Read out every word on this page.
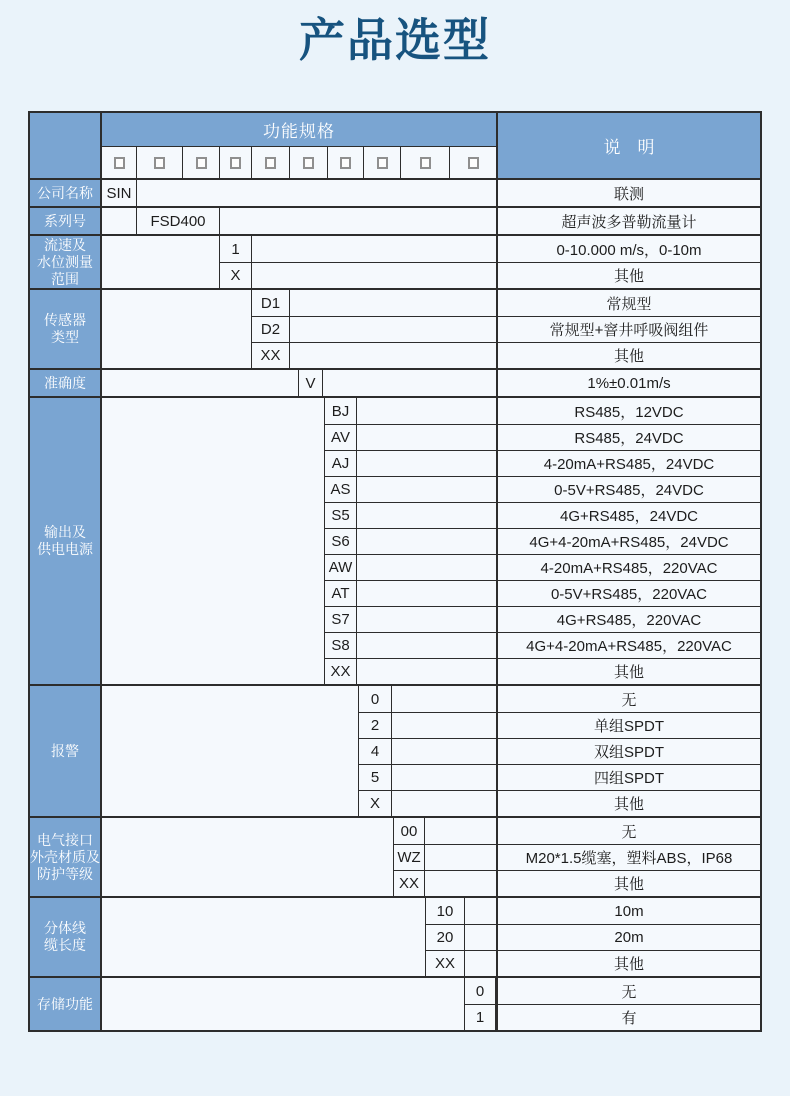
产品选型
功能规格
说　明
公司名称 SIN	联测
系列号	FSD400	超声波多普勒流量计
流速及
水位测量
范围
1	0-10.000 m/s，0-10m
X	其他
传感器
类型
D1	常规型
D2	常规型+窨井呼吸阀组件
XX	其他
准确度	V	1%±0.01m/s
输出及
供电电源
BJ	RS485，12VDC
AV	RS485，24VDC
AJ	4-20mA+RS485，24VDC
AS	0-5V+RS485，24VDC
S5	4G+RS485，24VDC
S6	4G+4-20mA+RS485，24VDC
AW	4-20mA+RS485，220VAC
AT	0-5V+RS485，220VAC
S7	4G+RS485，220VAC
S8	4G+4-20mA+RS485，220VAC
XX	其他
报警
0	无
2	单组SPDT
4	双组SPDT
5	四组SPDT
X	其他
电气接口
外壳材质及
防护等级
00	无
WZ	M20*1.5缆塞，塑料ABS，IP68
XX	其他
分体线
缆长度
10	10m
20	20m
XX	其他
存储功能
0	无
1	有
